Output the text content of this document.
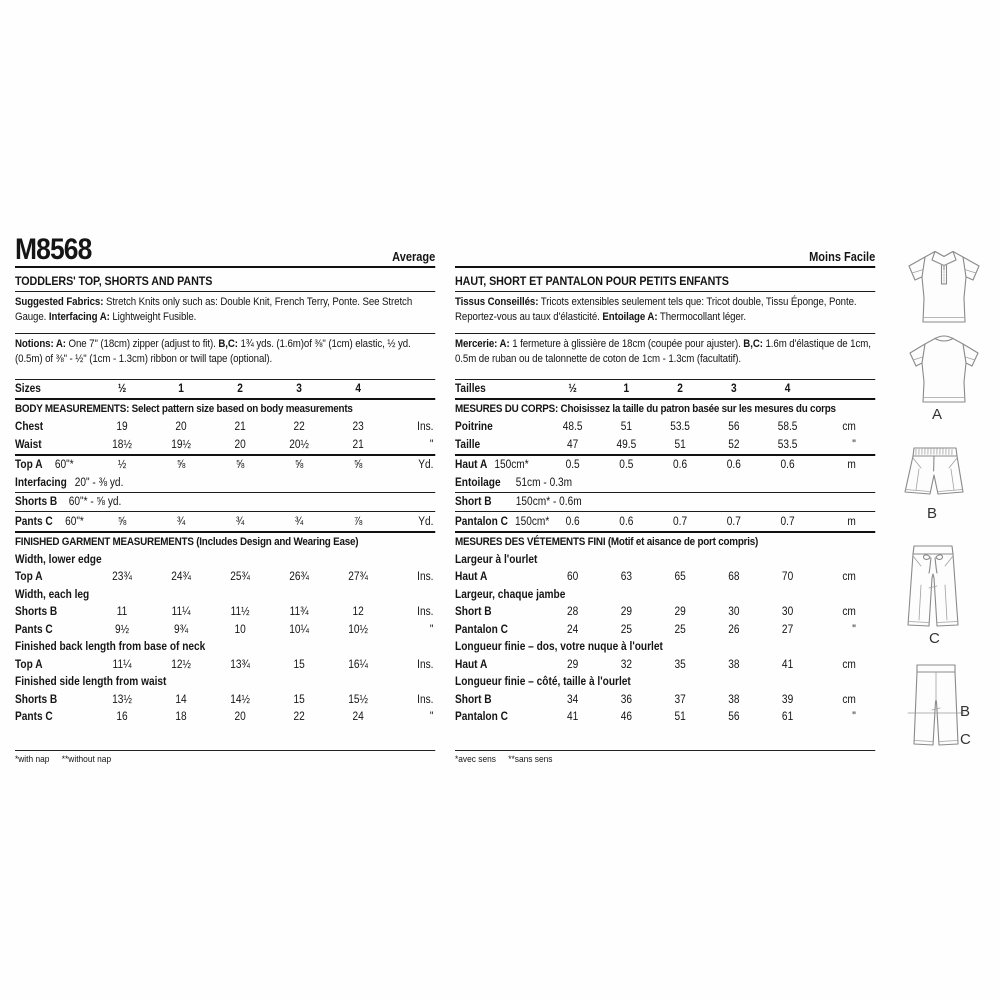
M8568	Average
TODDLERS' TOP, SHORTS AND PANTS
Suggested Fabrics: Stretch Knits only such as: Double Knit, French Terry, Ponte. See Stretch Gauge. Interfacing A: Lightweight Fusible.
Notions: A: One 7" (18cm) zipper (adjust to fit). B,C: 1¾ yds. (1.6m)of ⅜" (1cm) elastic, ½ yd. (0.5m) of ⅜" - ½" (1cm - 1.3cm) ribbon or twill tape (optional).
Sizes	½	1	2	3	4
BODY MEASUREMENTS: Select pattern size based on body measurements
Chest	19	20	21	22	23	Ins.
Waist	18½	19½	20	20½	21	"
Top A 60"*	½	⅝	⅝	⅝	⅝	Yd.
Interfacing 20" - ⅜ yd.
Shorts B	60"* - ⅝ yd.
Pants C 60"*	⅝	¾	¾	¾	⅞	Yd.
FINISHED GARMENT MEASUREMENTS (Includes Design and Wearing Ease)
Width, lower edge
Top A	23¾	24¾	25¾	26¾	27¾	Ins.
Width, each leg
Shorts B	11	11¼	11½	11¾	12	Ins.
Pants C	9½	9¾	10	10¼	10½	"
Finished back length from base of neck
Top A	11¼	12½	13¾	15	16¼	Ins.
Finished side length from waist
Shorts B	13½	14	14½	15	15½	Ins.
Pants C	16	18	20	22	24	"
*with nap **without nap
Moins Facile
HAUT, SHORT ET PANTALON POUR PETITS ENFANTS
Tissus Conseillés: Tricots extensibles seulement tels que: Tricot double, Tissu Éponge, Ponte. Reportez-vous au taux d'élasticité. Entoilage A: Thermocollant léger.
Mercerie: A: 1 fermeture à glissière de 18cm (coupée pour ajuster). B,C: 1.6m d'élastique de 1cm, 0.5m de ruban ou de talonnette de coton de 1cm - 1.3cm (facultatif).
Tailles	½	1	2	3	4
MESURES DU CORPS: Choisissez la taille du patron basée sur les mesures du corps
Poitrine	48.5	51	53.5	56	58.5	cm
Taille	47	49.5	51	52	53.5	"
Haut A 150cm*	0.5	0.5	0.6	0.6	0.6	m
Entoilage	51cm - 0.3m
Short B	150cm* - 0.6m
Pantalon C 150cm*	0.6	0.6	0.7	0.7	0.7	m
MESURES DES VÉTEMENTS FINI (Motif et aisance de port compris)
Largeur à l'ourlet
Haut A	60	63	65	68	70	cm
Largeur, chaque jambe
Short B	28	29	29	30	30	cm
Pantalon C	24	25	25	26	27	"
Longueur finie – dos, votre nuque à l'ourlet
Haut A	29	32	35	38	41	cm
Longueur finie – côté, taille à l'ourlet
Short B	34	36	37	38	39	cm
Pantalon C	41	46	51	56	61	"
*avec sens **sans sens
A
B
C
B
C
